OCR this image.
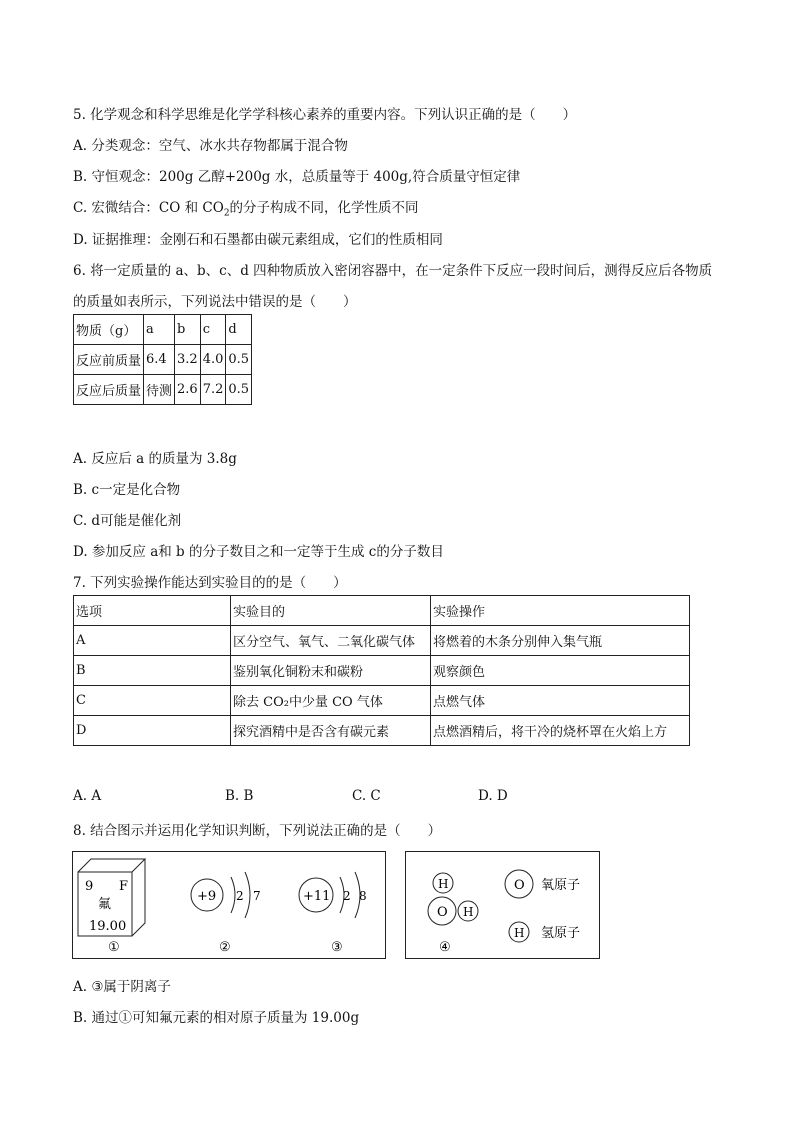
5. 化学观念和科学思维是化学学科核心素养的重要内容。下列认识正确的是（　　）
A. 分类观念：空气、冰水共存物都属于混合物
B. 守恒观念：200g 乙醇+200g 水，总质量等于 400g,符合质量守恒定律
C. 宏微结合：CO 和 $CO_2$的分子构成不同，化学性质不同
D. 证据推理：金刚石和石墨都由碳元素组成，它们的性质相同
6. 将一定质量的 a、b、c、d 四种物质放入密闭容器中，在一定条件下反应一段时间后，测得反应后各物质
的质量如表所示，下列说法中错误的是（　　）
物质（g）	a	b	c	d
反应前质量	6.4	3.2	4.0	0.5
反应后质量	待测	2.6	7.2	0.5
A. 反应后 a 的质量为 3.8g
B. c一定是化合物
C. d可能是催化剂
D. 参加反应 a和 b 的分子数目之和一定等于生成 c的分子数目
7. 下列实验操作能达到实验目的的是（　　）
选项	实验目的	实验操作
A	区分空气、氧气、二氧化碳气体	将燃着的木条分别伸入集气瓶
B	鉴别氧化铜粉末和碳粉	观察颜色
C	除去 CO₂中少量 CO 气体	点燃气体
D	探究酒精中是否含有碳元素	点燃酒精后，将干冷的烧杯罩在火焰上方
A. A	B. B	C. C	D. D
8. 结合图示并运用化学知识判断，下列说法正确的是（　　）
9 F
氟
19.00
①
+9 2 7
②
+11 2 8
③
H
O H
④
O 氧原子
H 氢原子
A. ③属于阴离子
B. 通过①可知氟元素的相对原子质量为 19.00g
